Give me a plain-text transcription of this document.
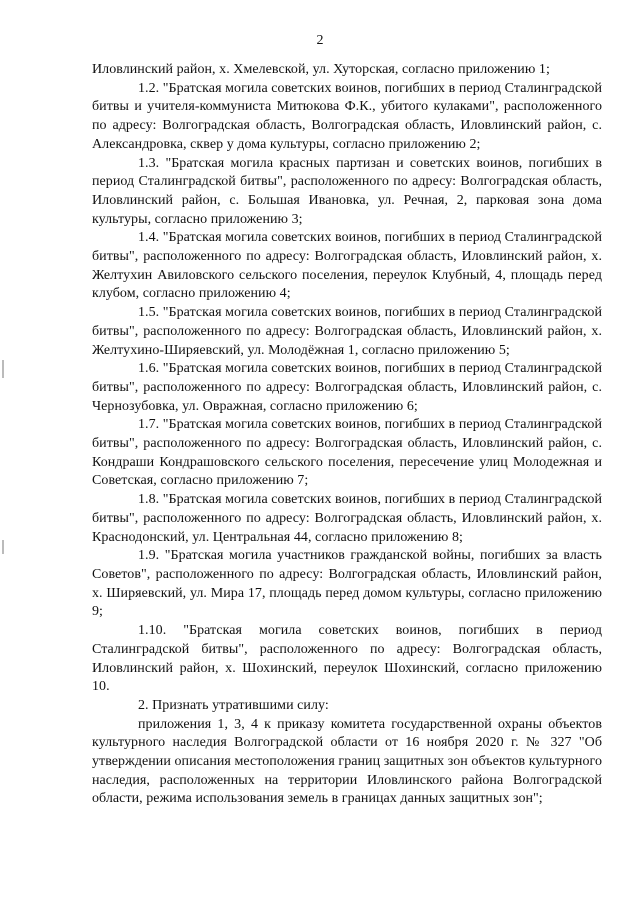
2

Иловлинский район, х. Хмелевской, ул. Хуторская, согласно приложению 1;

1.2. "Братская могила советских воинов, погибших в период Сталинградской битвы и учителя-коммуниста Митюкова Ф.К., убитого кулаками", расположенного по адресу: Волгоградская область, Волгоградская область, Иловлинский район, с. Александровка, сквер у дома культуры, согласно приложению 2;

1.3. "Братская могила красных партизан и советских воинов, погибших в период Сталинградской битвы", расположенного по адресу: Волгоградская область, Иловлинский район, с. Большая Ивановка, ул. Речная, 2, парковая зона дома культуры, согласно приложению 3;

1.4. "Братская могила советских воинов, погибших в период Сталинградской битвы", расположенного по адресу: Волгоградская область, Иловлинский район, х. Желтухин Авиловского сельского поселения, переулок Клубный, 4, площадь перед клубом, согласно приложению 4;

1.5. "Братская могила советских воинов, погибших в период Сталинградской битвы", расположенного по адресу: Волгоградская область, Иловлинский район, х. Желтухино-Ширяевский, ул. Молодёжная 1, согласно приложению 5;

1.6. "Братская могила советских воинов, погибших в период Сталинградской битвы", расположенного по адресу: Волгоградская область, Иловлинский район, с. Чернозубовка, ул. Овражная, согласно приложению 6;

1.7. "Братская могила советских воинов, погибших в период Сталинградской битвы", расположенного по адресу: Волгоградская область, Иловлинский район, с. Кондраши Кондрашовского сельского поселения, пересечение улиц Молодежная и Советская, согласно приложению 7;

1.8. "Братская могила советских воинов, погибших в период Сталинградской битвы", расположенного по адресу: Волгоградская область, Иловлинский район, х. Краснодонский, ул. Центральная 44, согласно приложению 8;

1.9. "Братская могила участников гражданской войны, погибших за власть Советов", расположенного по адресу: Волгоградская область, Иловлинский район, х. Ширяевский, ул. Мира 17, площадь перед домом культуры, согласно приложению 9;

1.10. "Братская могила советских воинов, погибших в период Сталинградской битвы", расположенного по адресу: Волгоградская область, Иловлинский район, х. Шохинский, переулок Шохинский, согласно приложению 10.

2. Признать утратившими силу:

приложения 1, 3, 4 к приказу комитета государственной охраны объектов культурного наследия Волгоградской области от 16 ноября 2020 г. № 327 "Об утверждении описания местоположения границ защитных зон объектов культурного наследия, расположенных на территории Иловлинского района Волгоградской области, режима использования земель в границах данных защитных зон";
